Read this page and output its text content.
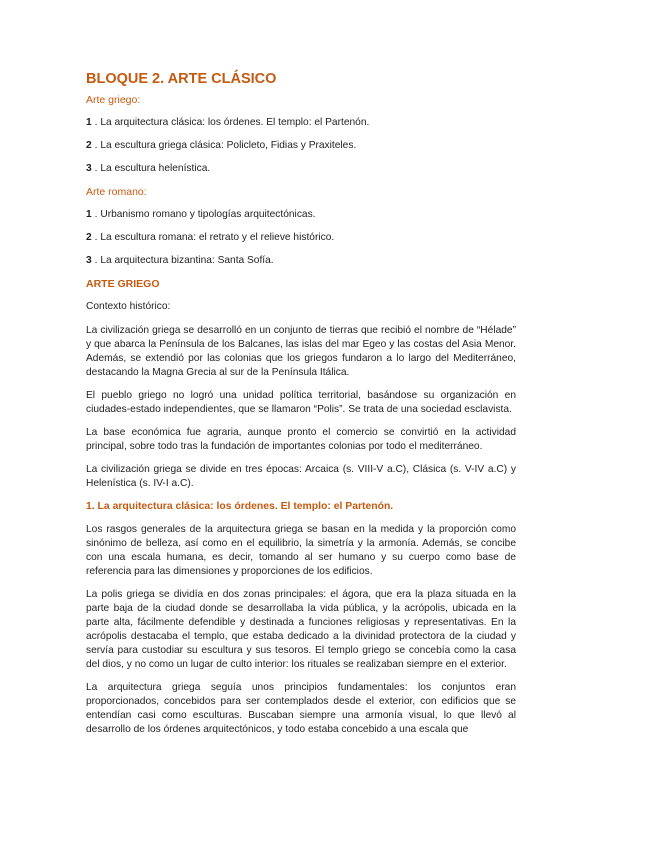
BLOQUE 2. ARTE CLÁSICO
Arte griego:
1 . La arquitectura clásica: los órdenes. El templo: el Partenón.
2 . La escultura griega clásica: Policleto, Fidias y Praxiteles.
3 . La escultura helenística.
Arte romano:
1 . Urbanismo romano y tipologías arquitectónicas.
2 . La escultura romana: el retrato y el relieve histórico.
3 . La arquitectura bizantina: Santa Sofía.
ARTE GRIEGO
Contexto histórico:

La civilización griega se desarrolló en un conjunto de tierras que recibió el nombre de “Hélade” y que abarca la Península de los Balcanes, las islas del mar Egeo y las costas del Asia Menor. Además, se extendió por las colonias que los griegos fundaron a lo largo del Mediterráneo, destacando la Magna Grecia al sur de la Península Itálica.

El pueblo griego no logró una unidad política territorial, basándose su organización en ciudades-estado independientes, que se llamaron “Polis”. Se trata de una sociedad esclavista.

La base económica fue agraria, aunque pronto el comercio se convirtió en la actividad principal, sobre todo tras la fundación de importantes colonias por todo el mediterráneo.

La civilización griega se divide en tres épocas: Arcaica (s. VIII-V a.C), Clásica (s. V-IV a.C) y Helenística (s. IV-I a.C).

1. La arquitectura clásica: los órdenes. El templo: el Partenón.

Los rasgos generales de la arquitectura griega se basan en la medida y la proporción como sinónimo de belleza, así como en el equilibrio, la simetría y la armonía. Además, se concibe con una escala humana, es decir, tomando al ser humano y su cuerpo como base de referencia para las dimensiones y proporciones de los edificios.

La polis griega se dividía en dos zonas principales: el ágora, que era la plaza situada en la parte baja de la ciudad donde se desarrollaba la vida pública, y la acrópolis, ubicada en la parte alta, fácilmente defendible y destinada a funciones religiosas y representativas. En la acrópolis destacaba el templo, que estaba dedicado a la divinidad protectora de la ciudad y servía para custodiar su escultura y sus tesoros. El templo griego se concebía como la casa del dios, y no como un lugar de culto interior: los rituales se realizaban siempre en el exterior.

La arquitectura griega seguía unos principios fundamentales: los conjuntos eran proporcionados, concebidos para ser contemplados desde el exterior, con edificios que se entendían casi como esculturas. Buscaban siempre una armonía visual, lo que llevó al desarrollo de los órdenes arquitectónicos, y todo estaba concebido a una escala que
